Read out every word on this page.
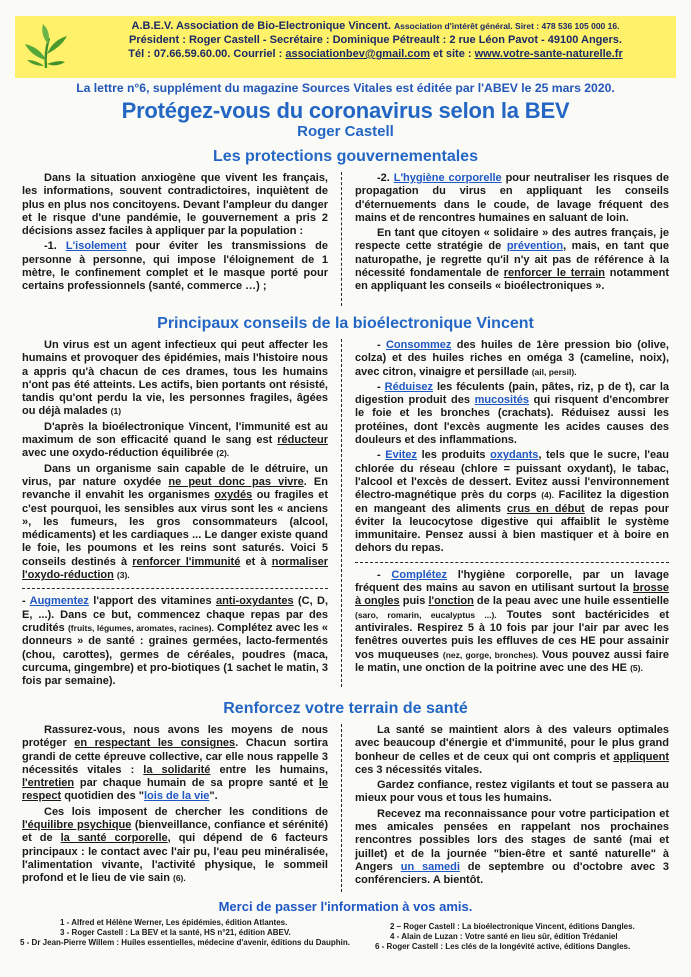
A.B.E.V. Association de Bio-Electronique Vincent. Association d'intérêt général. Siret : 478 536 105 000 16.
Président : Roger Castell - Secrétaire : Dominique Pétreault : 2 rue Léon Pavot - 49100 Angers.
Tél : 07.66.59.60.00. Courriel : associationbev@gmail.com et site : www.votre-sante-naturelle.fr
La lettre n°6, supplément du magazine Sources Vitales est éditée par l'ABEV le 25 mars 2020.
Protégez-vous du coronavirus selon la BEV
Roger Castell
Les protections gouvernementales

Dans la situation anxiogène que vivent les français, les informations, souvent contradictoires, inquiètent de plus en plus nos concitoyens. Devant l'ampleur du danger et le risque d'une pandémie, le gouvernement a pris 2 décisions assez faciles à appliquer par la population :

-1. L'isolement pour éviter les transmissions de personne à personne, qui impose l'éloignement de 1 mètre, le confinement complet et le masque porté pour certains professionnels (santé, commerce …) ;

-2. L'hygiène corporelle pour neutraliser les risques de propagation du virus en appliquant les conseils d'éternuements dans le coude, de lavage fréquent des mains et de rencontres humaines en saluant de loin.

En tant que citoyen « solidaire » des autres français, je respecte cette stratégie de prévention, mais, en tant que naturopathe, je regrette qu'il n'y ait pas de référence à la nécessité fondamentale de renforcer le terrain notamment en appliquant les conseils « bioélectroniques ».

Principaux conseils de la bioélectronique Vincent

Un virus est un agent infectieux qui peut affecter les humains et provoquer des épidémies, mais l'histoire nous a appris qu'à chacun de ces drames, tous les humains n'ont pas été atteints. Les actifs, bien portants ont résisté, tandis qu'ont perdu la vie, les personnes fragiles, âgées ou déjà malades (1)

D'après la bioélectronique Vincent, l'immunité est au maximum de son efficacité quand le sang est réducteur avec une oxydo-réduction équilibrée (2).

Dans un organisme sain capable de le détruire, un virus, par nature oxydée ne peut donc pas vivre. En revanche il envahit les organismes oxydés ou fragiles et c'est pourquoi, les sensibles aux virus sont les « anciens », les fumeurs, les gros consommateurs (alcool, médicaments) et les cardiaques ... Le danger existe quand le foie, les poumons et les reins sont saturés. Voici 5 conseils destinés à renforcer l'immunité et à normaliser l'oxydo-réduction (3).

- Augmentez l'apport des vitamines anti-oxydantes (C, D, E, ...). Dans ce but, commencez chaque repas par des crudités (fruits, légumes, aromates, racines). Complétez avec les « donneurs » de santé : graines germées, lacto-fermentés (chou, carottes), germes de céréales, poudres (maca, curcuma, gingembre) et pro-biotiques (1 sachet le matin, 3 fois par semaine).

- Consommez des huiles de 1ère pression bio (olive, colza) et des huiles riches en oméga 3 (cameline, noix), avec citron, vinaigre et persillade (ail, persil).

- Réduisez les féculents (pain, pâtes, riz, p de t), car la digestion produit des mucosités qui risquent d'encombrer le foie et les bronches (crachats). Réduisez aussi les protéines, dont l'excès augmente les acides causes des douleurs et des inflammations.

- Evitez les produits oxydants, tels que le sucre, l'eau chlorée du réseau (chlore = puissant oxydant), le tabac, l'alcool et l'excès de dessert. Evitez aussi l'environnement électro-magnétique près du corps (4). Facilitez la digestion en mangeant des aliments crus en début de repas pour éviter la leucocytose digestive qui affaiblit le système immunitaire. Pensez aussi à bien mastiquer et à boire en dehors du repas.

- Complétez l'hygiène corporelle, par un lavage fréquent des mains au savon en utilisant surtout la brosse à ongles puis l'onction de la peau avec une huile essentielle (saro, romarin, eucalyptus ...). Toutes sont bactéricides et antivirales. Respirez 5 à 10 fois par jour l'air par avec les fenêtres ouvertes puis les effluves de ces HE pour assainir vos muqueuses (nez, gorge, bronches). Vous pouvez aussi faire le matin, une onction de la poitrine avec une des HE (5).

Renforcez votre terrain de santé

Rassurez-vous, nous avons les moyens de nous protéger en respectant les consignes. Chacun sortira grandi de cette épreuve collective, car elle nous rappelle 3 nécessités vitales : la solidarité entre les humains, l'entretien par chaque humain de sa propre santé et le respect quotidien des "lois de la vie".

Ces lois imposent de chercher les conditions de l'équilibre psychique (bienveillance, confiance et sérénité) et de la santé corporelle, qui dépend de 6 facteurs principaux : le contact avec l'air pu, l'eau peu minéralisée, l'alimentation vivante, l'activité physique, le sommeil profond et le lieu de vie sain (6).

La santé se maintient alors à des valeurs optimales avec beaucoup d'énergie et d'immunité, pour le plus grand bonheur de celles et de ceux qui ont compris et appliquent ces 3 nécessités vitales.

Gardez confiance, restez vigilants et tout se passera au mieux pour vous et tous les humains.

Recevez ma reconnaissance pour votre participation et mes amicales pensées en rappelant nos prochaines rencontres possibles lors des stages de santé (mai et juillet) et de la journée "bien-être et santé naturelle" à Angers un samedi de septembre ou d'octobre avec 3 conférenciers. A bientôt.

Merci de passer l'information à vos amis.
1 - Alfred et Hélène Werner, Les épidémies, édition Atlantes.	2 – Roger Castell : La bioélectronique Vincent, éditions Dangles.
3 - Roger Castell : La BEV et la santé, HS n°21, édition ABEV.	4 - Alain de Luzan : Votre santé en lieu sûr, édition Trédaniel
5 - Dr Jean-Pierre Willem : Huiles essentielles, médecine d'avenir, éditions du Dauphin.	6 - Roger Castell : Les clés de la longévité active, éditions Dangles.
